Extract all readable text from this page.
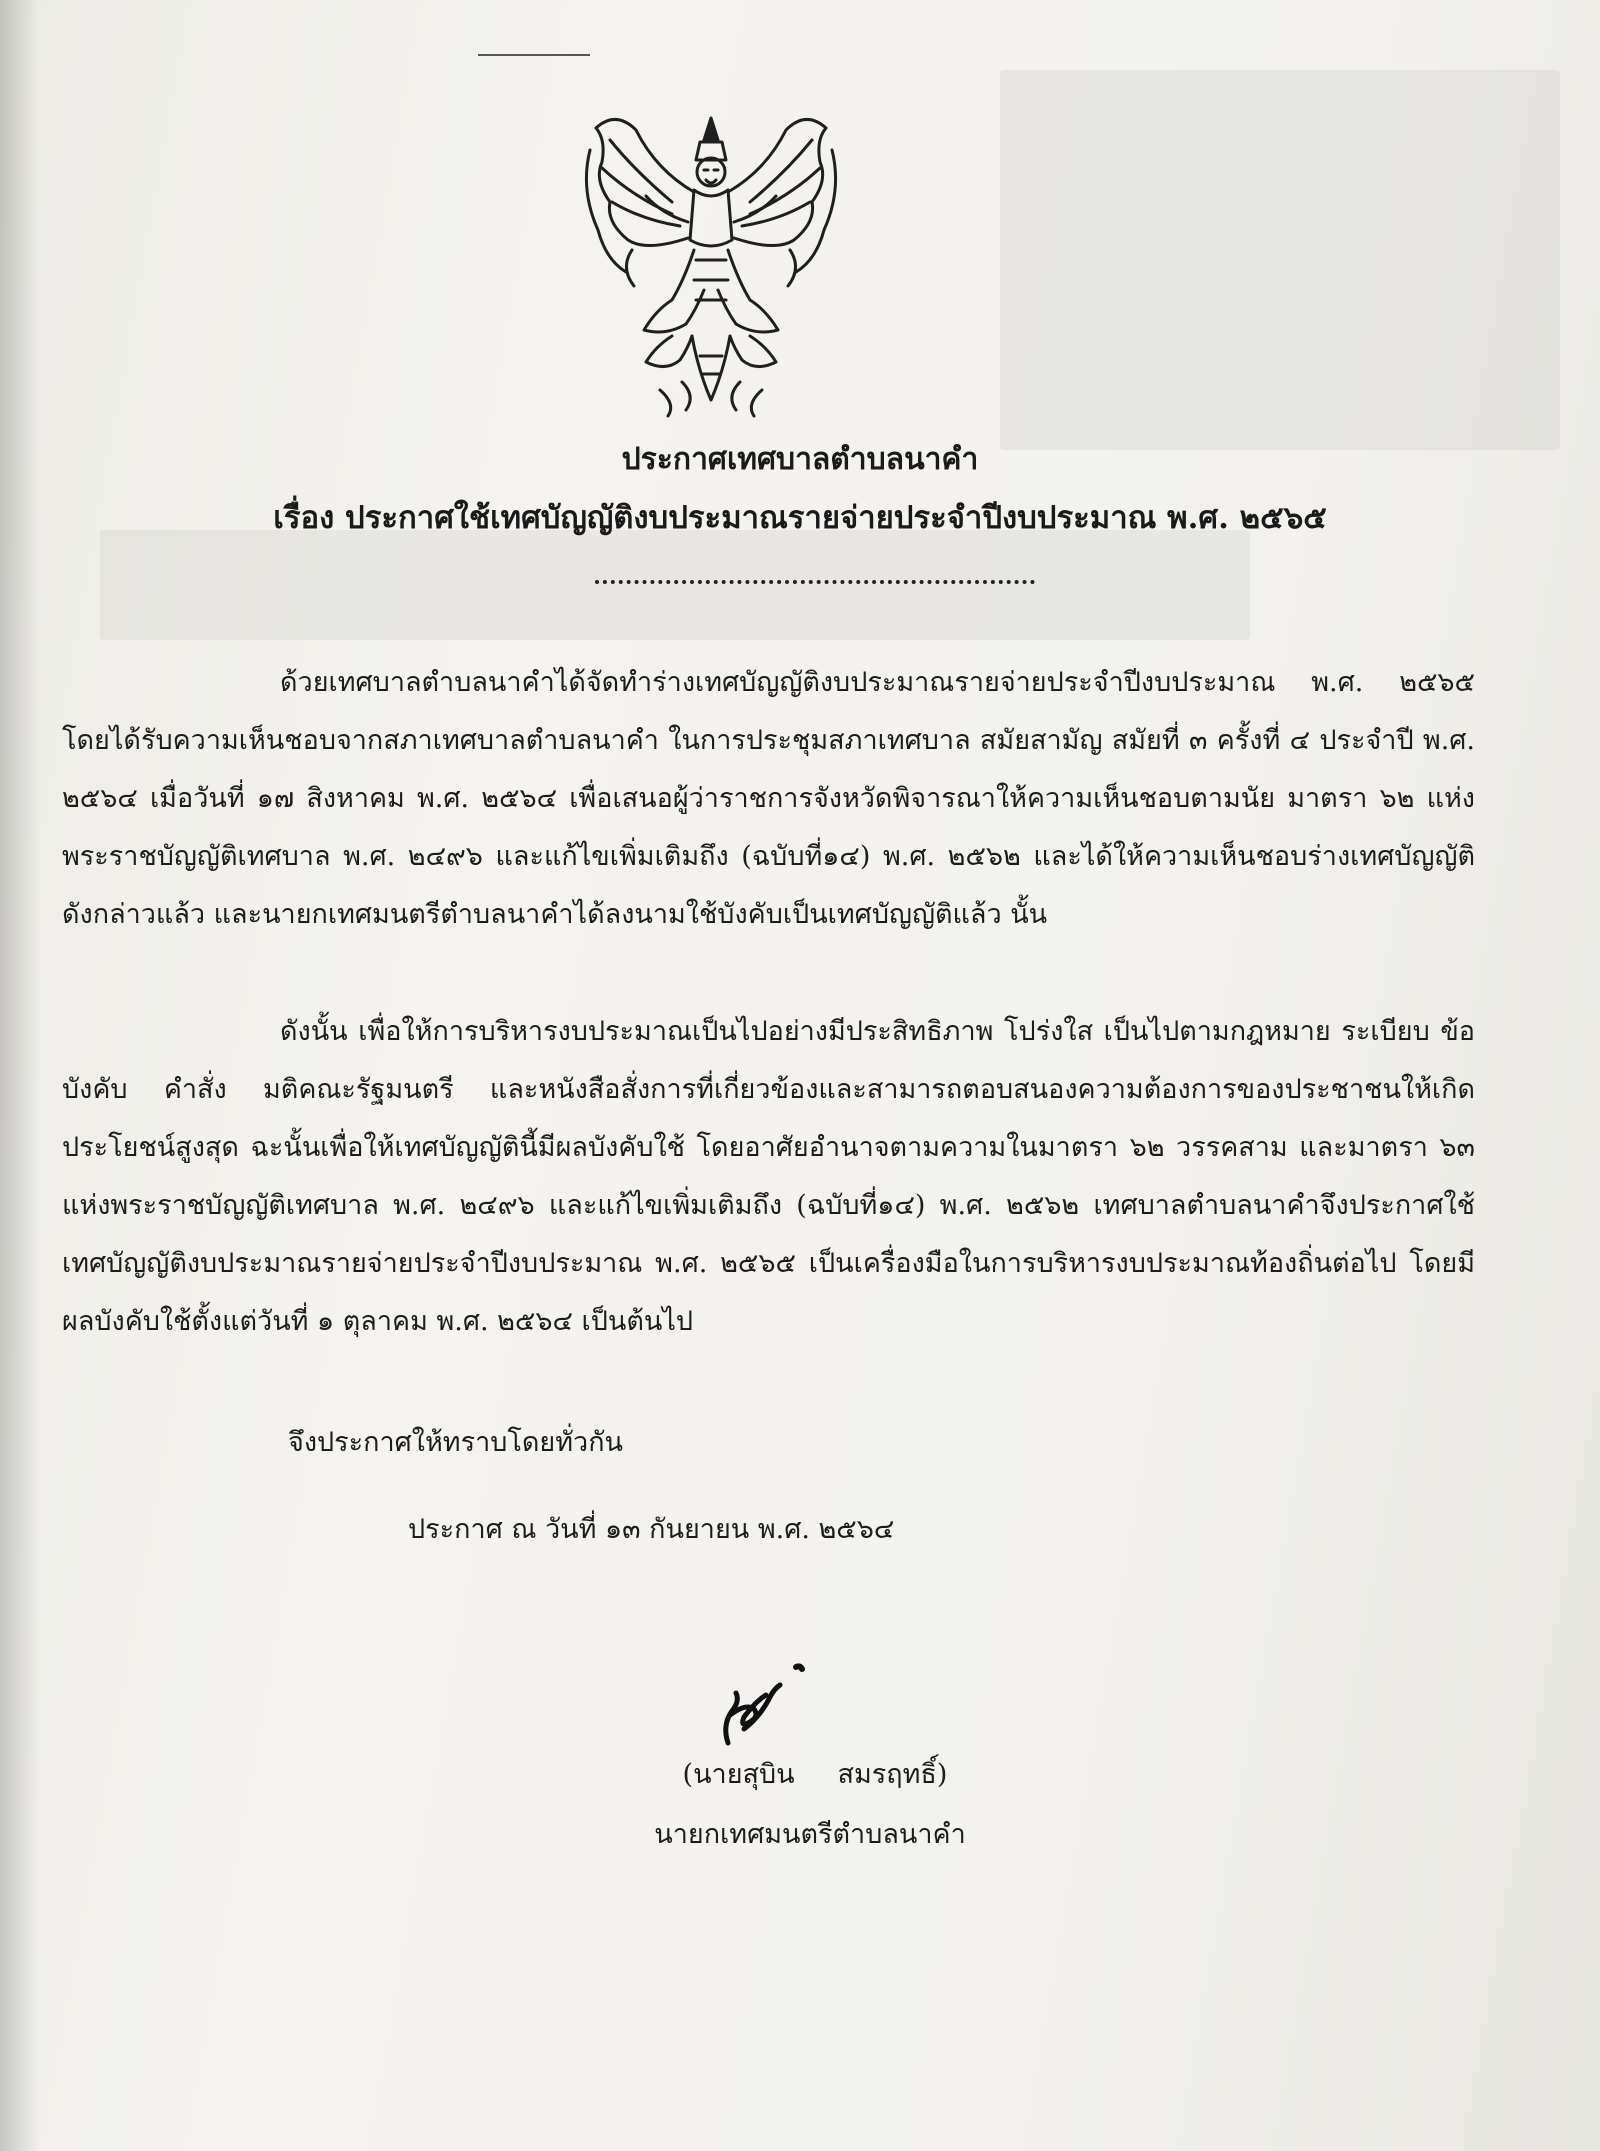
ประกาศเทศบาลตำบลนาคำ
เรื่อง ประกาศใช้เทศบัญญัติงบประมาณรายจ่ายประจำปีงบประมาณ พ.ศ. ๒๕๖๕
ด้วยเทศบาลตำบลนาคำได้จัดทำร่างเทศบัญญัติงบประมาณรายจ่ายประจำปีงบประมาณ พ.ศ. ๒๕๖๕ โดยได้รับความเห็นชอบจากสภาเทศบาลตำบลนาคำ ในการประชุมสภาเทศบาล สมัยสามัญ สมัยที่ ๓ ครั้งที่ ๔ ประจำปี พ.ศ. ๒๕๖๔ เมื่อวันที่ ๑๗ สิงหาคม พ.ศ. ๒๕๖๔ เพื่อเสนอผู้ว่าราชการจังหวัดพิจารณาให้ความเห็นชอบตามนัย มาตรา ๖๒ แห่งพระราชบัญญัติเทศบาล พ.ศ. ๒๔๙๖ และแก้ไขเพิ่มเติมถึง (ฉบับที่๑๔) พ.ศ. ๒๕๖๒ และได้ให้ความเห็นชอบร่างเทศบัญญัติดังกล่าวแล้ว และนายกเทศมนตรีตำบลนาคำได้ลงนามใช้บังคับเป็นเทศบัญญัติแล้ว นั้น
ดังนั้น เพื่อให้การบริหารงบประมาณเป็นไปอย่างมีประสิทธิภาพ โปร่งใส เป็นไปตามกฎหมาย ระเบียบ ข้อบังคับ คำสั่ง มติคณะรัฐมนตรี และหนังสือสั่งการที่เกี่ยวข้องและสามารถตอบสนองความต้องการของประชาชนให้เกิดประโยชน์สูงสุด ฉะนั้นเพื่อให้เทศบัญญัตินี้มีผลบังคับใช้ โดยอาศัยอำนาจตามความในมาตรา ๖๒ วรรคสาม และมาตรา ๖๓ แห่งพระราชบัญญัติเทศบาล พ.ศ. ๒๔๙๖ และแก้ไขเพิ่มเติมถึง (ฉบับที่๑๔) พ.ศ. ๒๕๖๒ เทศบาลตำบลนาคำจึงประกาศใช้เทศบัญญัติงบประมาณรายจ่ายประจำปีงบประมาณ พ.ศ. ๒๕๖๕ เป็นเครื่องมือในการบริหารงบประมาณท้องถิ่นต่อไป โดยมีผลบังคับใช้ตั้งแต่วันที่ ๑ ตุลาคม พ.ศ. ๒๕๖๔ เป็นต้นไป
จึงประกาศให้ทราบโดยทั่วกัน
ประกาศ ณ วันที่ ๑๓ กันยายน พ.ศ. ๒๕๖๔
(นายสุบิน     สมรฤทธิ์)
นายกเทศมนตรีตำบลนาคำ
